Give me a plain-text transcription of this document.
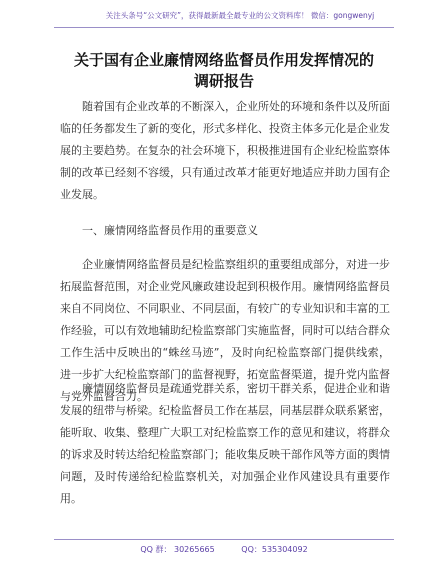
关注头条号“公文研究”，获得最新最全最专业的公文资料库！ 微信：gongwenyj
关于国有企业廉情网络监督员作用发挥情况的
调研报告
随着国有企业改革的不断深入，企业所处的环境和条件以及所面临的任务都发生了新的变化，形式多样化、投资主体多元化是企业发展的主要趋势。在复杂的社会环境下，积极推进国有企业纪检监察体制的改革已经刻不容缓，只有通过改革才能更好地适应并助力国有企业发展。
一、廉情网络监督员作用的重要意义
企业廉情网络监督员是纪检监察组织的重要组成部分，对进一步拓展监督范围，对企业党风廉政建设起到积极作用。廉情网络监督员来自不同岗位、不同职业、不同层面，有较广的专业知识和丰富的工作经验，可以有效地辅助纪检监察部门实施监督，同时可以结合群众工作生活中反映出的“蛛丝马迹”，及时向纪检监察部门提供线索，进一步扩大纪检监察部门的监督视野，拓宽监督渠道，提升党内监督与党外监督合力。
廉情网络监督员是疏通党群关系，密切干群关系，促进企业和谐发展的纽带与桥梁。纪检监督员工作在基层，同基层群众联系紧密，能听取、收集、整理广大职工对纪检监察工作的意见和建议，将群众的诉求及时转达给纪检监察部门；能收集反映干部作风等方面的舆情问题，及时传递给纪检监察机关，对加强企业作风建设具有重要作用。
QQ 群： 30265665	QQ：535304092
